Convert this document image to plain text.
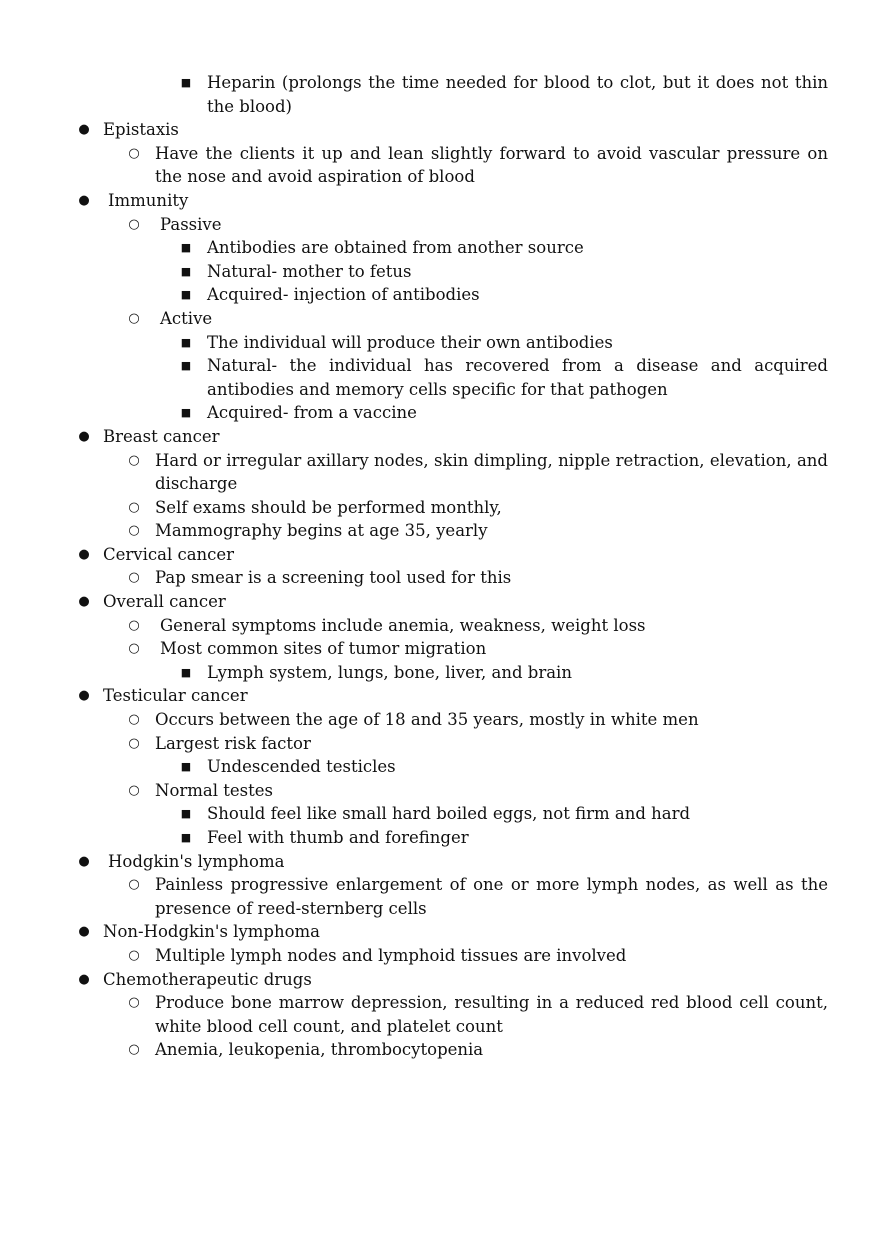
■ Heparin (prolongs the time needed for blood to clot, but it does not thin the blood)
● Epistaxis
○ Have the clients it up and lean slightly forward to avoid vascular pressure on the nose and avoid aspiration of blood
●	Immunity
○	Passive
■ Antibodies are obtained from another source
■ Natural- mother to fetus
■ Acquired- injection of antibodies
○	Active
■ The individual will produce their own antibodies
■ Natural- the individual has recovered from a disease and acquired antibodies and memory cells specific for that pathogen
■ Acquired- from a vaccine
● Breast cancer
○ Hard or irregular axillary nodes, skin dimpling, nipple retraction, elevation, and discharge
○ Self exams should be performed monthly,
○ Mammography begins at age 35, yearly
● Cervical cancer
○ Pap smear is a screening tool used for this
● Overall cancer
○	General symptoms include anemia, weakness, weight loss
○	Most common sites of tumor migration
■ Lymph system, lungs, bone, liver, and brain
● Testicular cancer
○ Occurs between the age of 18 and 35 years, mostly in white men
○ Largest risk factor
■ Undescended testicles
○ Normal testes
■ Should feel like small hard boiled eggs, not firm and hard
■ Feel with thumb and forefinger
●	Hodgkin's lymphoma
○ Painless progressive enlargement of one or more lymph nodes, as well as the presence of reed-sternberg cells
● Non-Hodgkin's lymphoma
○ Multiple lymph nodes and lymphoid tissues are involved
● Chemotherapeutic drugs
○ Produce bone marrow depression, resulting in a reduced red blood cell count, white blood cell count, and platelet count
○ Anemia, leukopenia, thrombocytopenia
